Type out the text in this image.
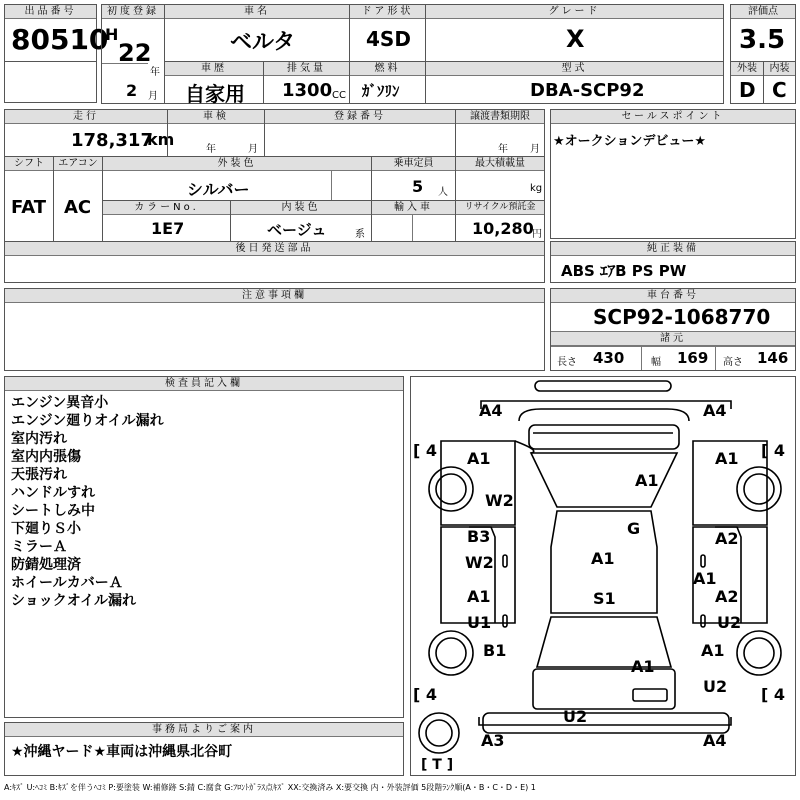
出品番号
80510
初度登録
H
22
年
2 月
車名
ベルタ
ドア形状
4SD
グレード
X
評価点
3.5
車歴
自家用
排気量
1300 CC
燃料
ｶﾞｿﾘﾝ
型式
DBA-SCP92
外装
D
内装
C
走行
178,317
km
車検
年	月
登録番号	譲渡書類期限
年 月
シフト
FAT
エアコン
AC
外装色
シルバー
乗車定員
5 人
最大積載量
kg
カラーNo.
1E7
内装色
ベージュ	系
輸入車	リサイクル預託金
10,280
円
後日発送部品
セールスポイント
★オークションデビュー★
純正装備
ABS ｴｱB PS PW
注意事項欄	車台番号
SCP92-1068770
諸元
長さ 430	幅 169 高さ 146
検査員記入欄
エンジン異音小
エンジン廻りオイル漏れ
室内汚れ
室内内張傷
天張汚れ
ハンドルすれ
シートしみ中
下廻りＳ小
ミラーＡ
防錆処理済
ホイールカバーＡ
ショックオイル漏れ
事務局よりご案内
★沖縄ヤード★車両は沖縄県北谷町
A4	A4
[ 4	[ 4
A1	A1
A1
W2
B3
W2
A1
U1
G
A1
S1
A2
A1
A2
U2
B1	A1
A1
U2
[ 4	[ 4
U2
A3	A4
[ T ]
A:ｷｽﾞ U:ﾍｺﾐ B:ｷｽﾞを伴うﾍｺﾐ P:要塗装 W:補修跡 S:錆 C:腐食 G:ﾌﾛﾝﾄｶﾞﾗｽ点ｷｽﾞ XX:交換済み X:要交換 内・外装評価 5段階ﾗﾝｸ順(A・B・C・D・E) 1
